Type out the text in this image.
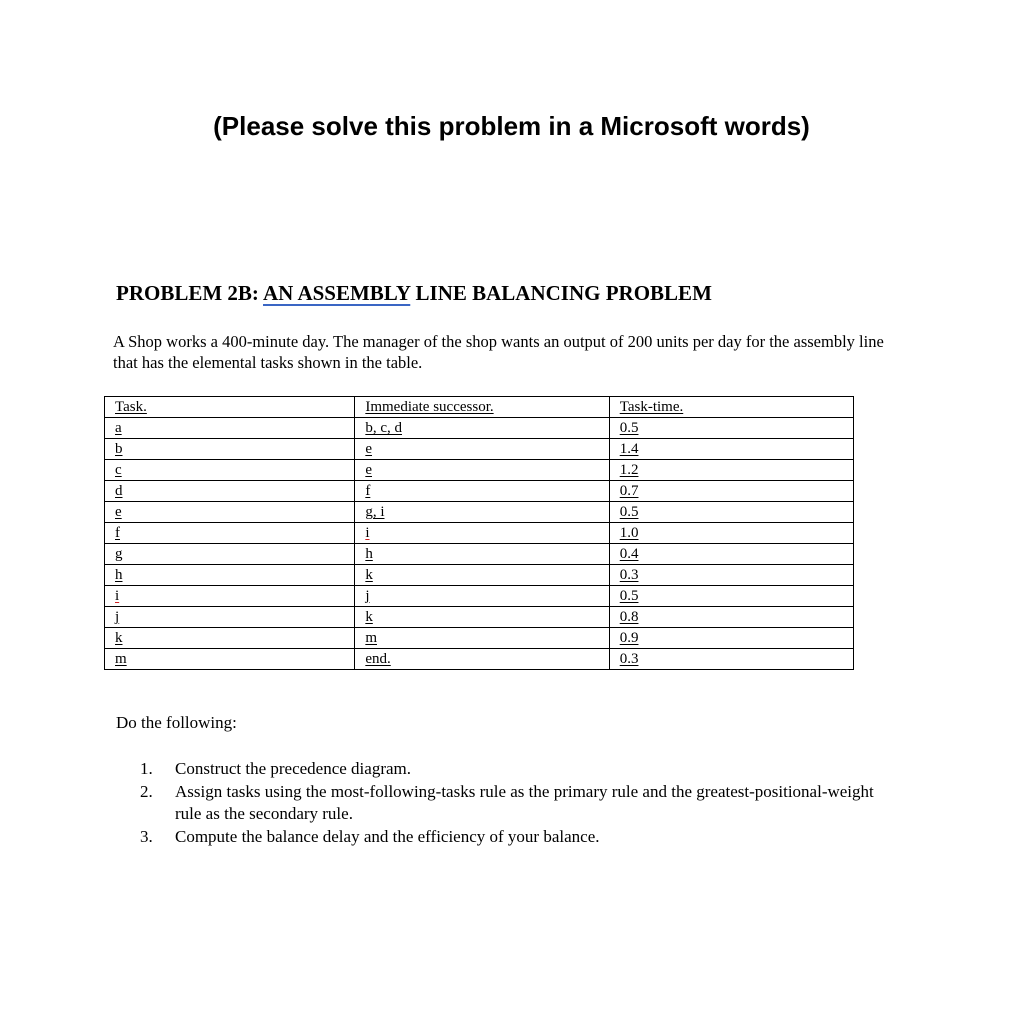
(Please solve this problem in a Microsoft words)

PROBLEM 2B: AN ASSEMBLY LINE BALANCING PROBLEM

A Shop works a 400-minute day. The manager of the shop wants an output of 200 units per day for the assembly line that has the elemental tasks shown in the table.

Task.	Immediate successor.	Task-time.
a	b, c, d	0.5
b	e	1.4
c	e	1.2
d	f	0.7
e	g, i	0.5
f	i	1.0
g	h	0.4
h	k	0.3
i	j	0.5
j	k	0.8
k	m	0.9
m	end.	0.3

Do the following:

1. Construct the precedence diagram.
2. Assign tasks using the most-following-tasks rule as the primary rule and the greatest-positional-weight rule as the secondary rule.
3. Compute the balance delay and the efficiency of your balance.
